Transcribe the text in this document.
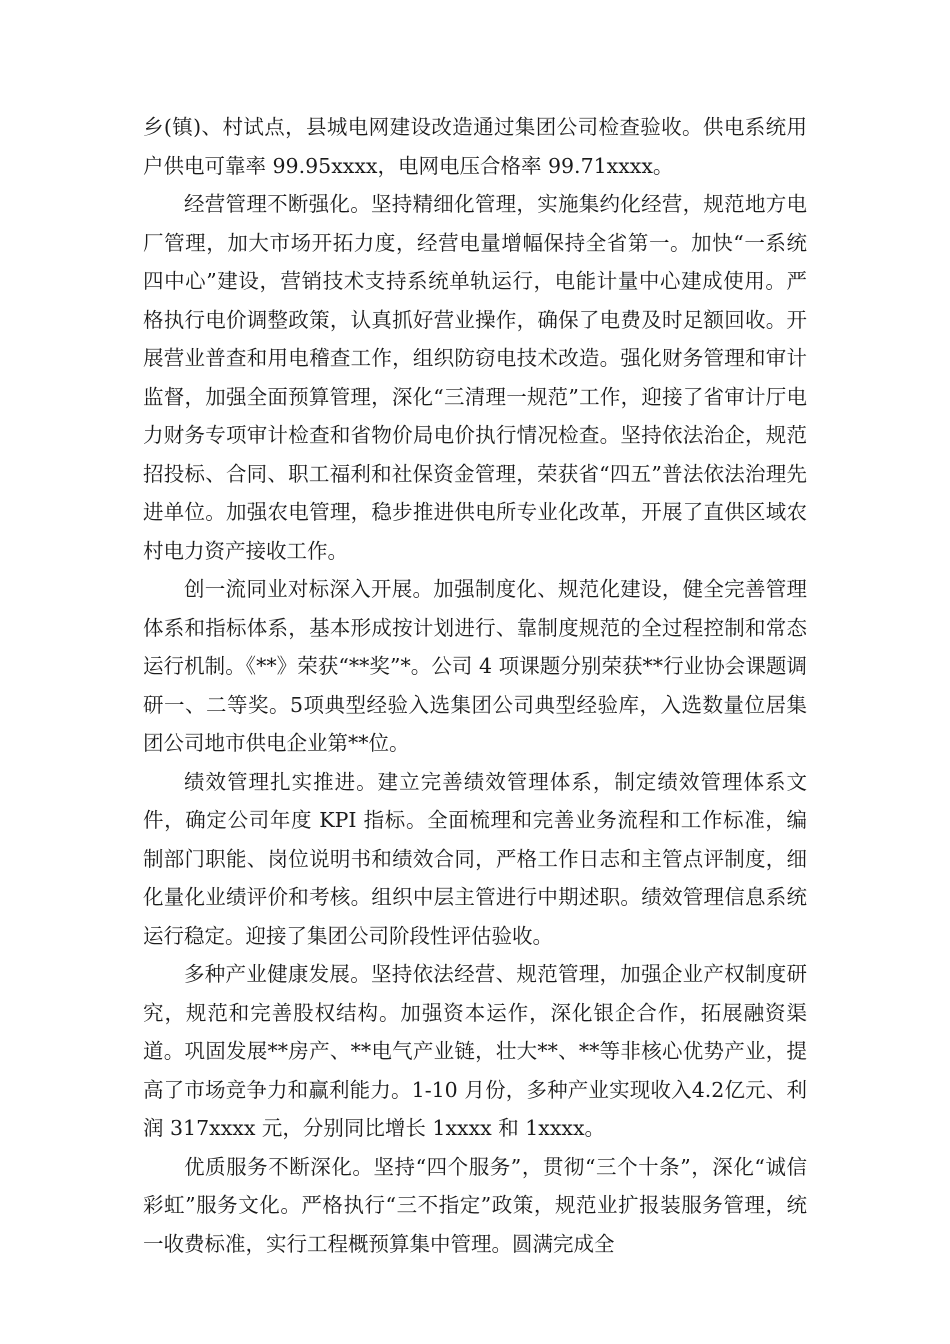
乡(镇)、村试点，县城电网建设改造通过集团公司检查验收。供电系统用户供电可靠率 99.95xxxx，电网电压合格率 99.71xxxx。

经营管理不断强化。坚持精细化管理，实施集约化经营，规范地方电厂管理，加大市场开拓力度，经营电量增幅保持全省第一。加快“一系统四中心”建设，营销技术支持系统单轨运行，电能计量中心建成使用。严格执行电价调整政策，认真抓好营业操作，确保了电费及时足额回收。开展营业普查和用电稽查工作，组织防窃电技术改造。强化财务管理和审计监督，加强全面预算管理，深化“三清理一规范”工作，迎接了省审计厅电力财务专项审计检查和省物价局电价执行情况检查。坚持依法治企，规范招投标、合同、职工福利和社保资金管理，荣获省“四五”普法依法治理先进单位。加强农电管理，稳步推进供电所专业化改革，开展了直供区域农村电力资产接收工作。

创一流同业对标深入开展。加强制度化、规范化建设，健全完善管理体系和指标体系，基本形成按计划进行、靠制度规范的全过程控制和常态运行机制。《**》荣获“**奖”*。公司 4 项课题分别荣获**行业协会课题调研一、二等奖。5项典型经验入选集团公司典型经验库，入选数量位居集团公司地市供电企业第**位。

绩效管理扎实推进。建立完善绩效管理体系，制定绩效管理体系文件，确定公司年度 KPI 指标。全面梳理和完善业务流程和工作标准，编制部门职能、岗位说明书和绩效合同，严格工作日志和主管点评制度，细化量化业绩评价和考核。组织中层主管进行中期述职。绩效管理信息系统运行稳定。迎接了集团公司阶段性评估验收。

多种产业健康发展。坚持依法经营、规范管理，加强企业产权制度研究，规范和完善股权结构。加强资本运作，深化银企合作，拓展融资渠道。巩固发展**房产、**电气产业链，壮大**、**等非核心优势产业，提高了市场竞争力和赢利能力。1-10 月份，多种产业实现收入4.2亿元、利润 317xxxx 元，分别同比增长 1xxxx 和 1xxxx。

优质服务不断深化。坚持“四个服务”，贯彻“三个十条”，深化“诚信彩虹”服务文化。严格执行“三不指定”政策，规范业扩报装服务管理，统一收费标准，实行工程概预算集中管理。圆满完成全
